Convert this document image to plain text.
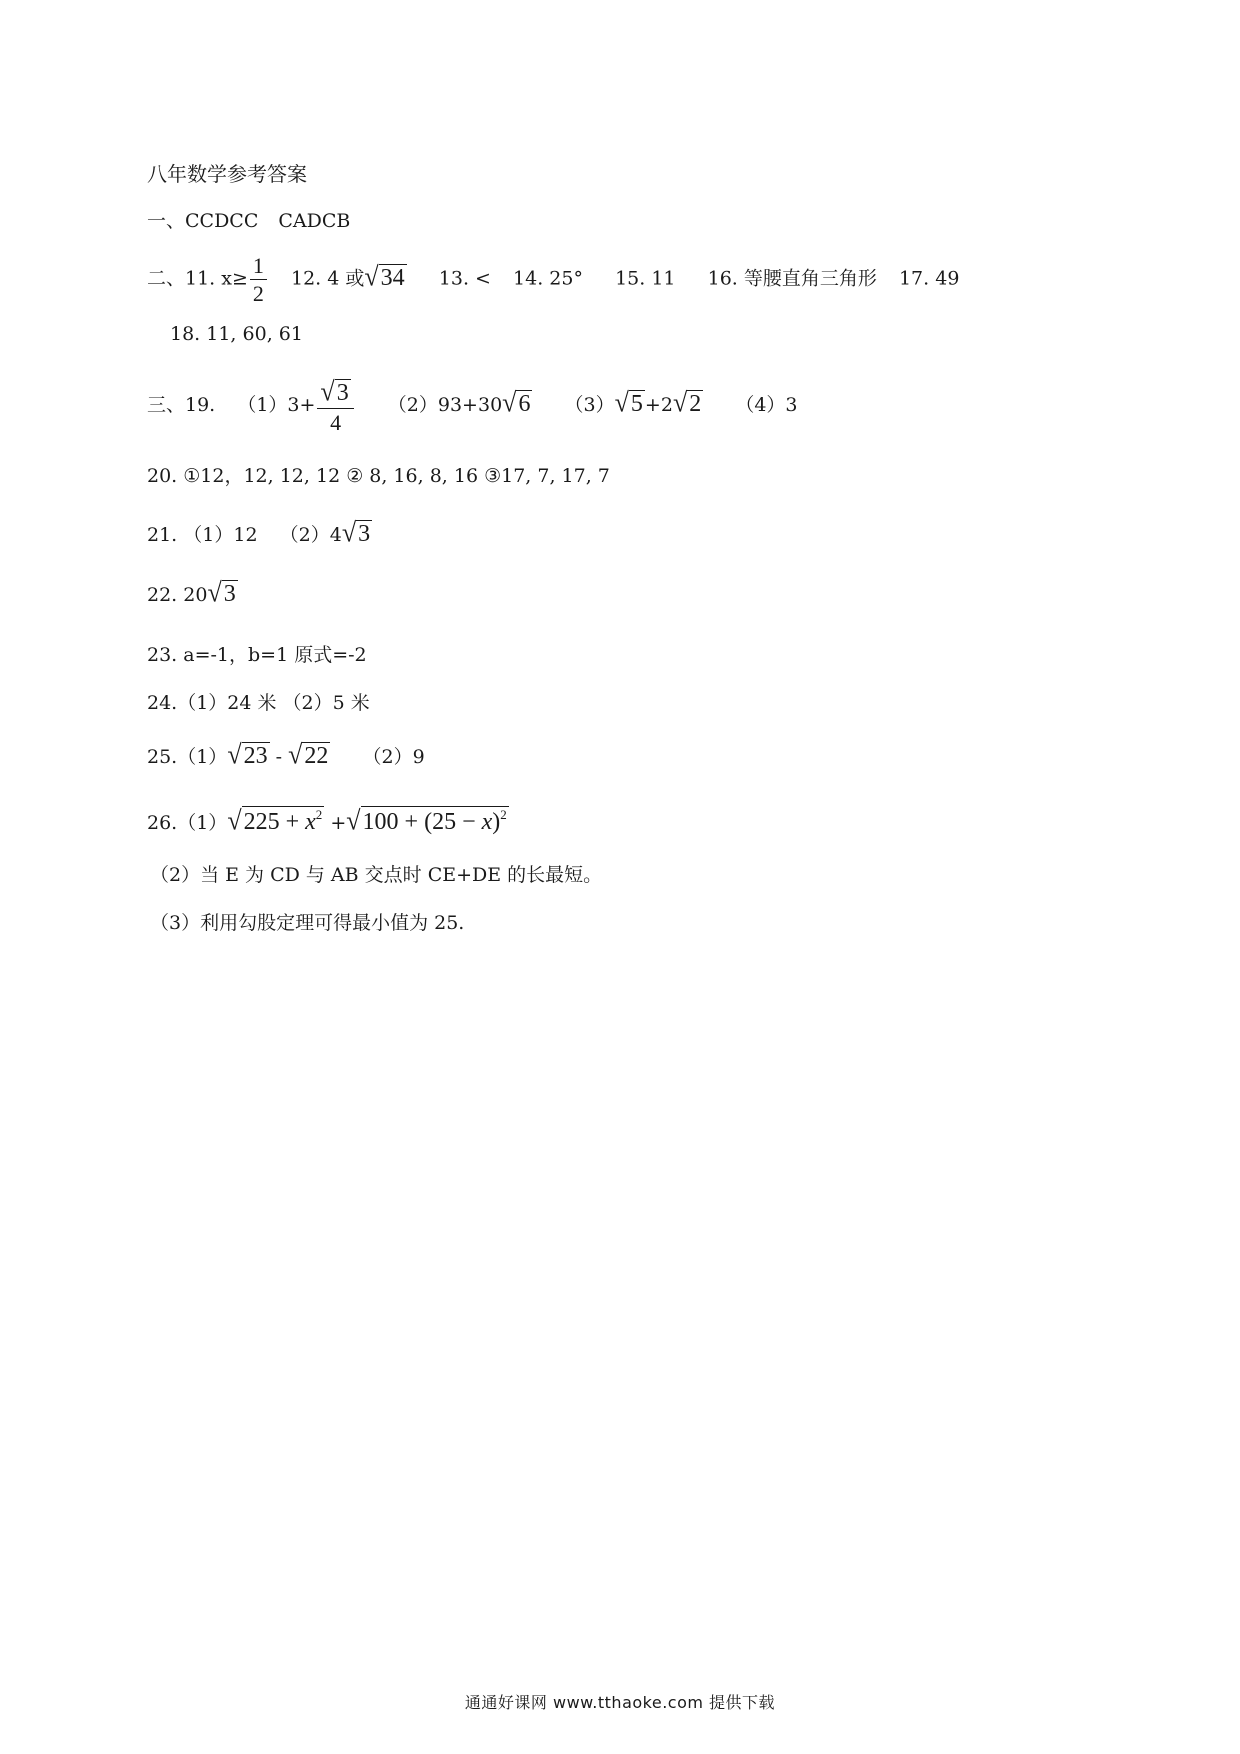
八年数学参考答案
一、CCDCC CADCB
二、11. $x\ge \frac{1}{2} 12$. 4 或√34 13. < 14. 25° 15. 11 16. 等腰直角三角形 17. 49
18. 11, 60, 61
三、19. $(1)3+ \frac{√3}{4} (2)93+30√6$ （3）√5 +2√2 （4）3
20. ①12，12, 12, 12 ② 8, 16, 8, 16 ③17, 7, 17, 7
21. （1）12 （2）4√3
22. 20√3
23. a=-1，b=1 原式=-2
24.（1）24 米 （2）5 米
25.（1）√23 - √22 （2）9
$26.(1)√225 + x^2 +√100 + (25 - x)^2$
（2）当 E 为 CD 与 AB 交点时 CE+DE 的长最短。
（3）利用勾股定理可得最小值为 25.
通通好课网 www.tthaoke.com 提供下载
